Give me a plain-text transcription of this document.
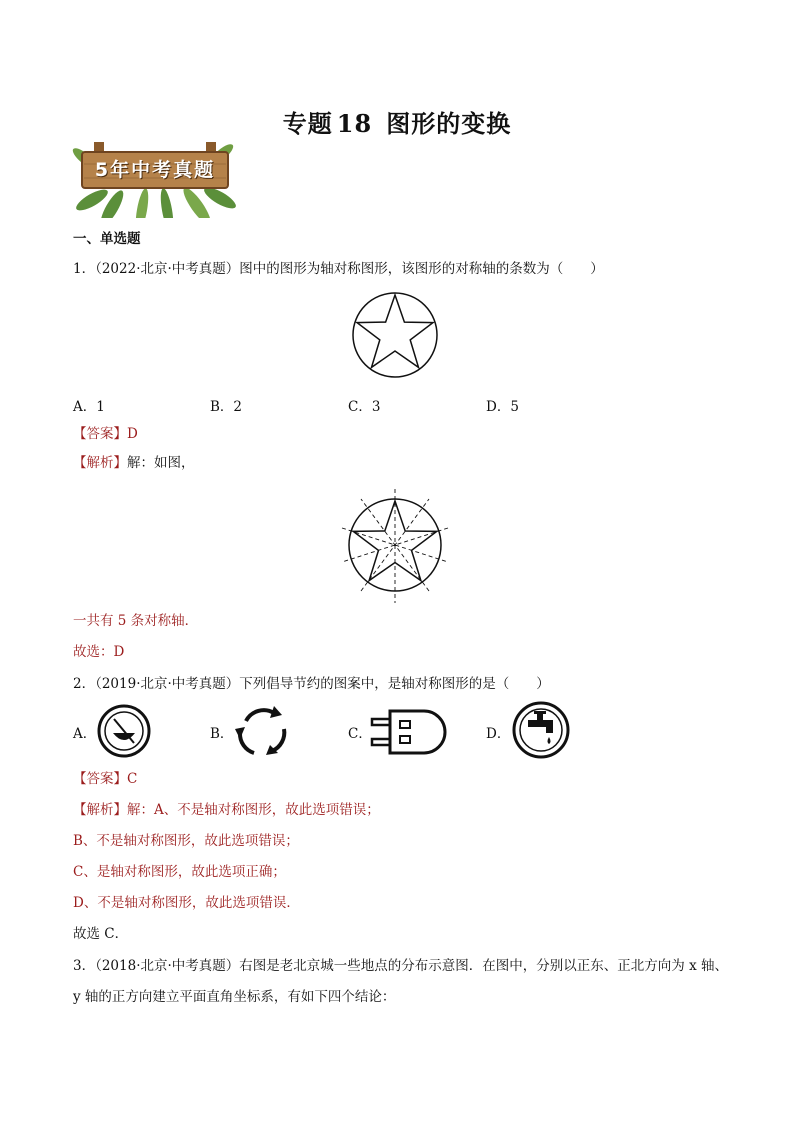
专题 18 图形的变换
5年中考真题
一、单选题
1．（2022·北京·中考真题）图中的图形为轴对称图形，该图形的对称轴的条数为（　　）
A．1	B．2	C．3	D．5
【答案】D
【解析】解：如图，
一共有 5 条对称轴．
故选：D
2．（2019·北京·中考真题）下列倡导节约的图案中，是轴对称图形的是（　　）
A．	B．	C．	D．
【答案】C
【解析】解：A、不是轴对称图形，故此选项错误；
B、不是轴对称图形，故此选项错误；
C、是轴对称图形，故此选项正确；
D、不是轴对称图形，故此选项错误．
故选 C．
3．（2018·北京·中考真题）右图是老北京城一些地点的分布示意图．在图中，分别以正东、正北方向为 x 轴、
y 轴的正方向建立平面直角坐标系，有如下四个结论：
